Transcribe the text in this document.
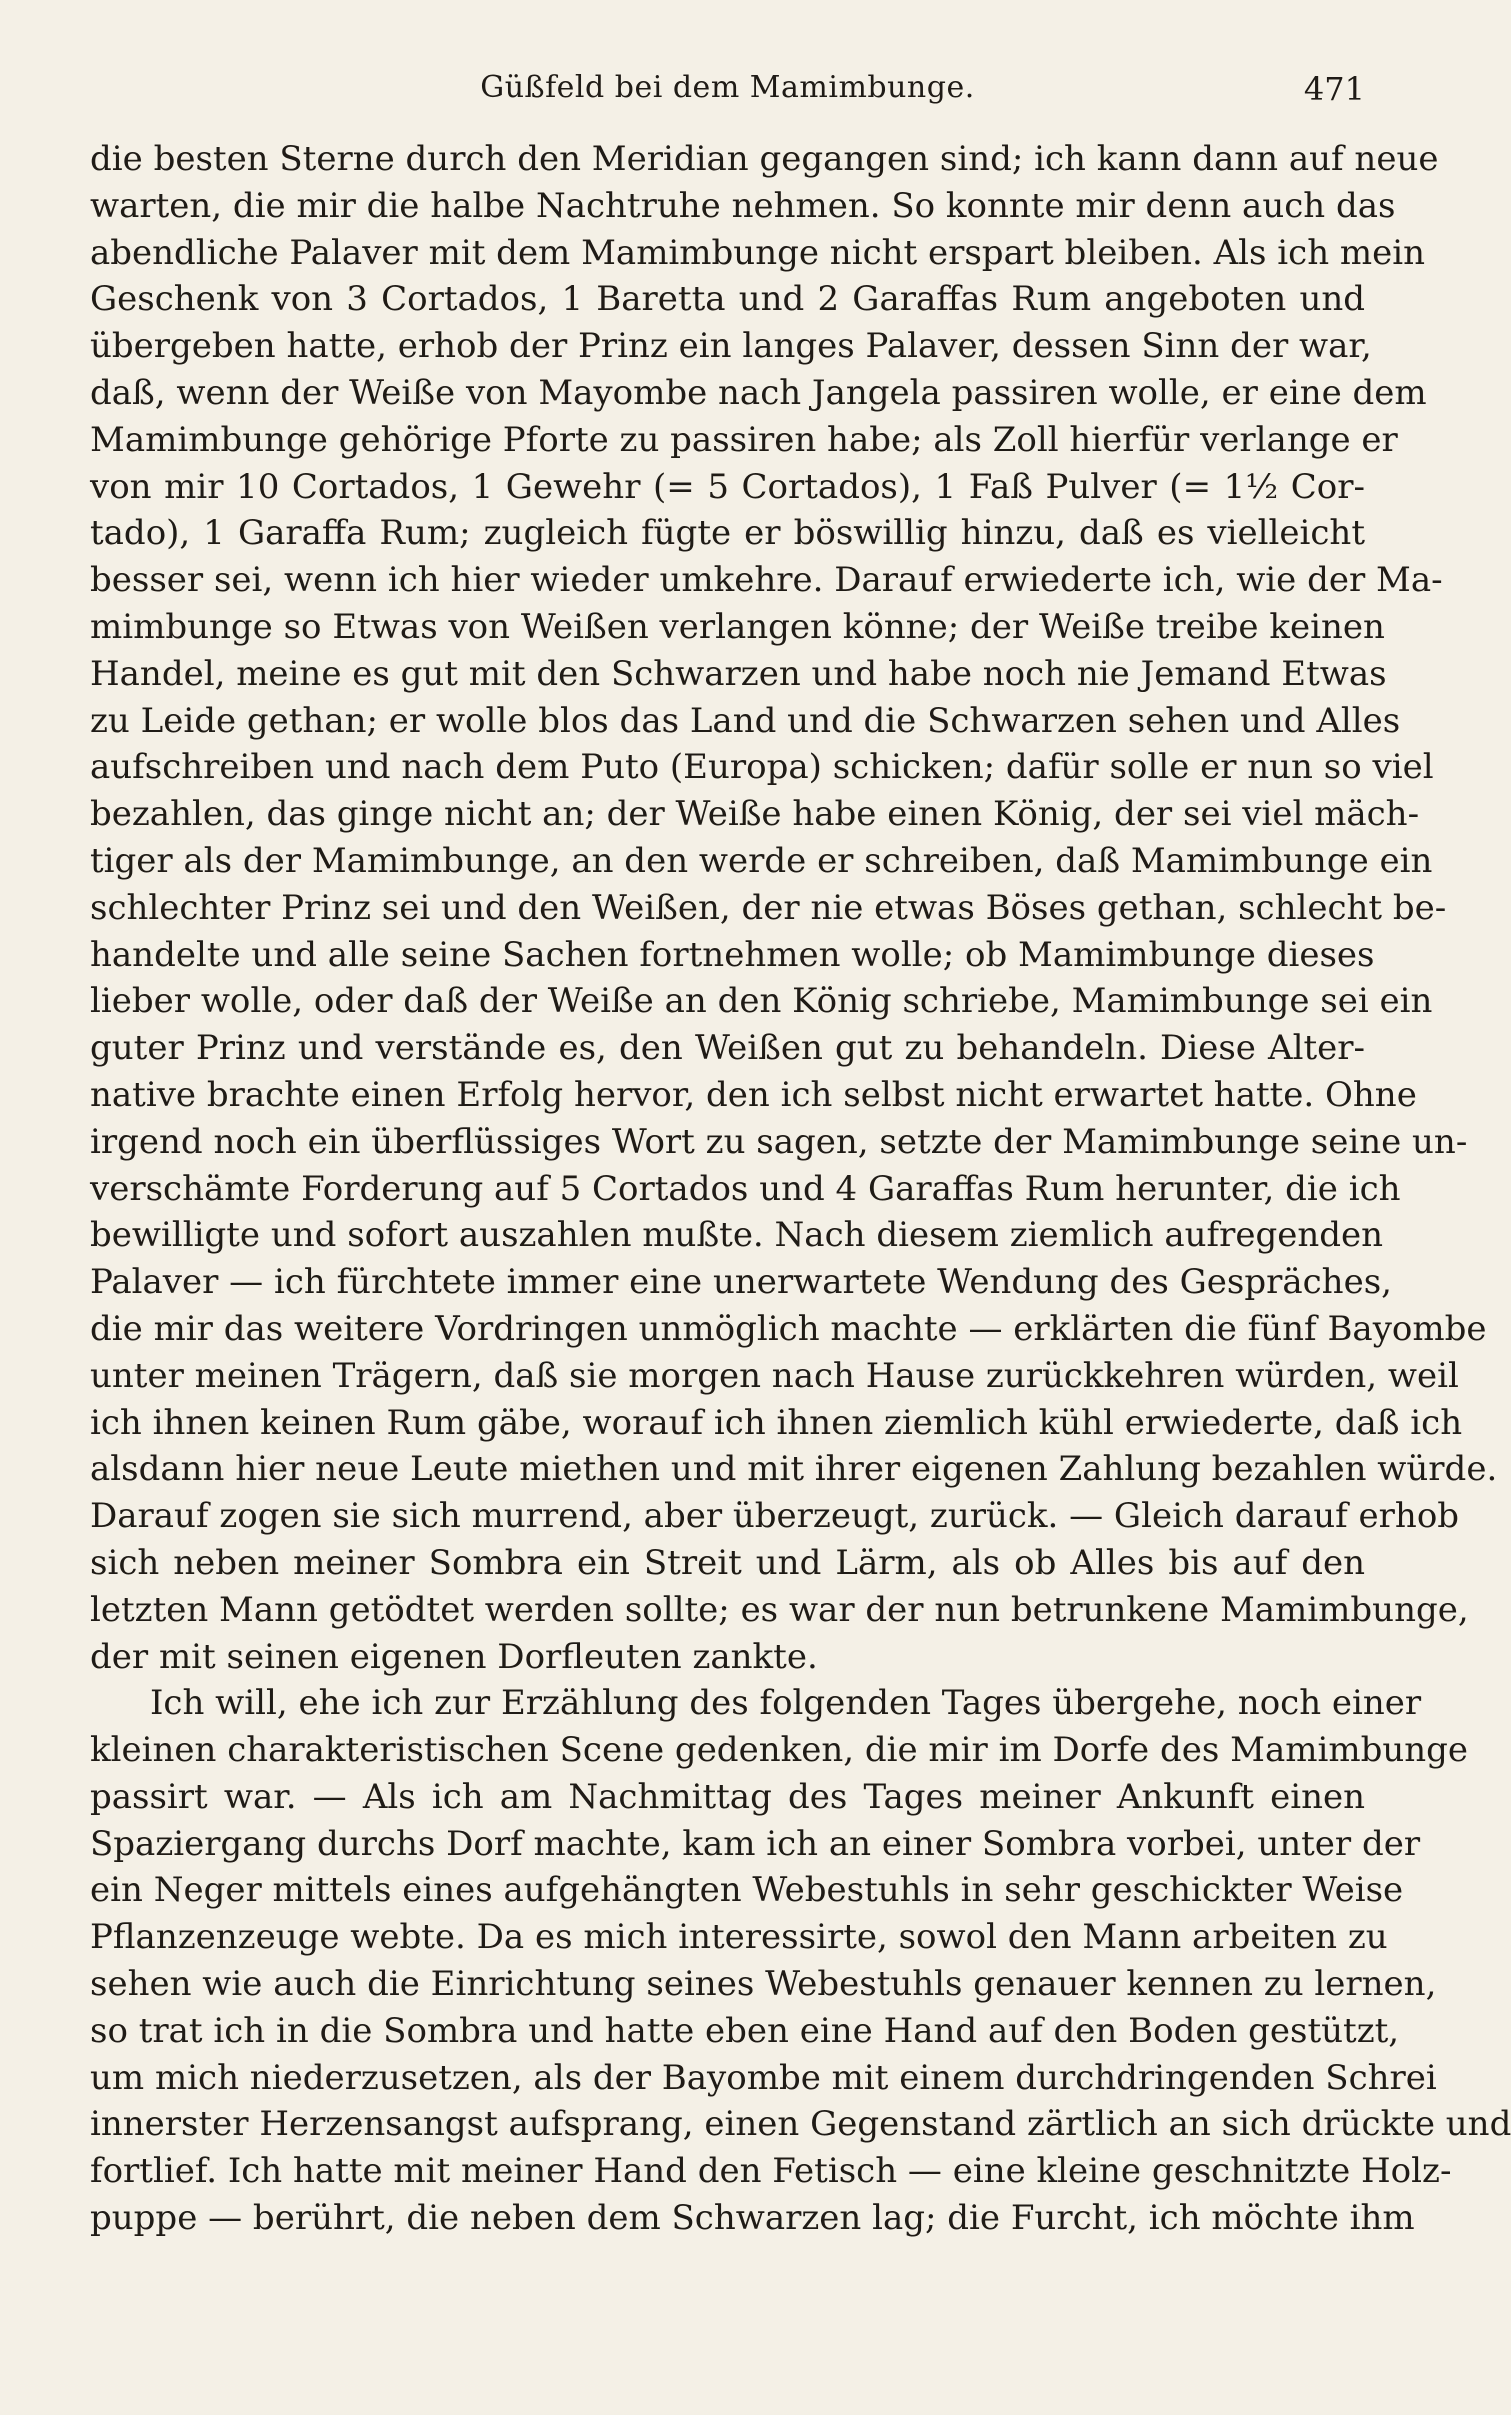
Güßfeld bei dem Mamimbunge.	471
die besten Sterne durch den Meridian gegangen sind; ich kann dann auf neue
warten, die mir die halbe Nachtruhe nehmen. So konnte mir denn auch das
abendliche Palaver mit dem Mamimbunge nicht erspart bleiben. Als ich mein
Geschenk von 3 Cortados, 1 Baretta und 2 Garaffas Rum angeboten und
übergeben hatte, erhob der Prinz ein langes Palaver, dessen Sinn der war,
daß, wenn der Weiße von Mayombe nach Jangela passiren wolle, er eine dem
Mamimbunge gehörige Pforte zu passiren habe; als Zoll hierfür verlange er
von mir 10 Cortados, 1 Gewehr (= 5 Cortados), 1 Faß Pulver (= 1½ Cor-
tado), 1 Garaffa Rum; zugleich fügte er böswillig hinzu, daß es vielleicht
besser sei, wenn ich hier wieder umkehre. Darauf erwiederte ich, wie der Ma-
mimbunge so Etwas von Weißen verlangen könne; der Weiße treibe keinen
Handel, meine es gut mit den Schwarzen und habe noch nie Jemand Etwas
zu Leide gethan; er wolle blos das Land und die Schwarzen sehen und Alles
aufschreiben und nach dem Puto (Europa) schicken; dafür solle er nun so viel
bezahlen, das ginge nicht an; der Weiße habe einen König, der sei viel mäch-
tiger als der Mamimbunge, an den werde er schreiben, daß Mamimbunge ein
schlechter Prinz sei und den Weißen, der nie etwas Böses gethan, schlecht be-
handelte und alle seine Sachen fortnehmen wolle; ob Mamimbunge dieses
lieber wolle, oder daß der Weiße an den König schriebe, Mamimbunge sei ein
guter Prinz und verstände es, den Weißen gut zu behandeln. Diese Alter-
native brachte einen Erfolg hervor, den ich selbst nicht erwartet hatte. Ohne
irgend noch ein überflüssiges Wort zu sagen, setzte der Mamimbunge seine un-
verschämte Forderung auf 5 Cortados und 4 Garaffas Rum herunter, die ich
bewilligte und sofort auszahlen mußte. Nach diesem ziemlich aufregenden
Palaver — ich fürchtete immer eine unerwartete Wendung des Gespräches,
die mir das weitere Vordringen unmöglich machte — erklärten die fünf Bayombe
unter meinen Trägern, daß sie morgen nach Hause zurückkehren würden, weil
ich ihnen keinen Rum gäbe, worauf ich ihnen ziemlich kühl erwiederte, daß ich
alsdann hier neue Leute miethen und mit ihrer eigenen Zahlung bezahlen würde.
Darauf zogen sie sich murrend, aber überzeugt, zurück. — Gleich darauf erhob
sich neben meiner Sombra ein Streit und Lärm, als ob Alles bis auf den
letzten Mann getödtet werden sollte; es war der nun betrunkene Mamimbunge,
der mit seinen eigenen Dorfleuten zankte.
Ich will, ehe ich zur Erzählung des folgenden Tages übergehe, noch einer
kleinen charakteristischen Scene gedenken, die mir im Dorfe des Mamimbunge
passirt war. — Als ich am Nachmittag des Tages meiner Ankunft einen
Spaziergang durchs Dorf machte, kam ich an einer Sombra vorbei, unter der
ein Neger mittels eines aufgehängten Webestuhls in sehr geschickter Weise
Pflanzenzeuge webte. Da es mich interessirte, sowol den Mann arbeiten zu
sehen wie auch die Einrichtung seines Webestuhls genauer kennen zu lernen,
so trat ich in die Sombra und hatte eben eine Hand auf den Boden gestützt,
um mich niederzusetzen, als der Bayombe mit einem durchdringenden Schrei
innerster Herzensangst aufsprang, einen Gegenstand zärtlich an sich drückte und
fortlief. Ich hatte mit meiner Hand den Fetisch — eine kleine geschnitzte Holz-
puppe — berührt, die neben dem Schwarzen lag; die Furcht, ich möchte ihm
